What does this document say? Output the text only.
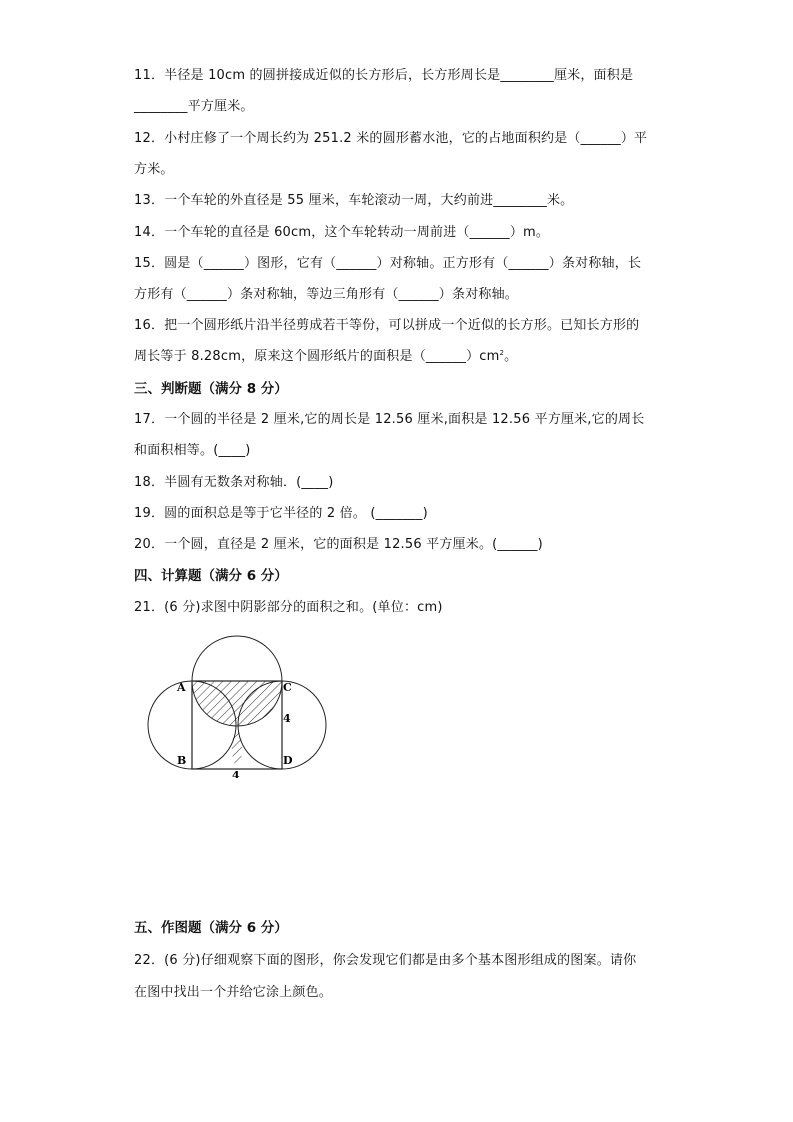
11．半径是 10cm 的圆拼接成近似的长方形后，长方形周长是________厘米，面积是
________平方厘米。
12．小村庄修了一个周长约为 251.2 米的圆形蓄水池，它的占地面积约是（______）平
方米。
13．一个车轮的外直径是 55 厘米，车轮滚动一周，大约前进________米。
14．一个车轮的直径是 60cm，这个车轮转动一周前进（______）m。
15．圆是（______）图形，它有（______）对称轴。正方形有（______）条对称轴，长
方形有（______）条对称轴，等边三角形有（______）条对称轴。
16．把一个圆形纸片沿半径剪成若干等份，可以拼成一个近似的长方形。已知长方形的
周长等于 8.28cm，原来这个圆形纸片的面积是$(\_\_\_\_\_\_)cm^2$。
三、判断题（满分 8 分）
17．一个圆的半径是 2 厘米,它的周长是 12.56 厘米,面积是 12.56 平方厘米,它的周长
和面积相等。(____)
18．半圆有无数条对称轴．(____)
19．圆的面积总是等于它半径的 2 倍。 (_______)
20．一个圆，直径是 2 厘米，它的面积是 12.56 平方厘米。(______)
四、计算题（满分 6 分）
21．(6 分)求图中阴影部分的面积之和。(单位：cm)
A
B
C
D
4
4
五、作图题（满分 6 分）
22．(6 分)仔细观察下面的图形，你会发现它们都是由多个基本图形组成的图案。请你
在图中找出一个并给它涂上颜色。
